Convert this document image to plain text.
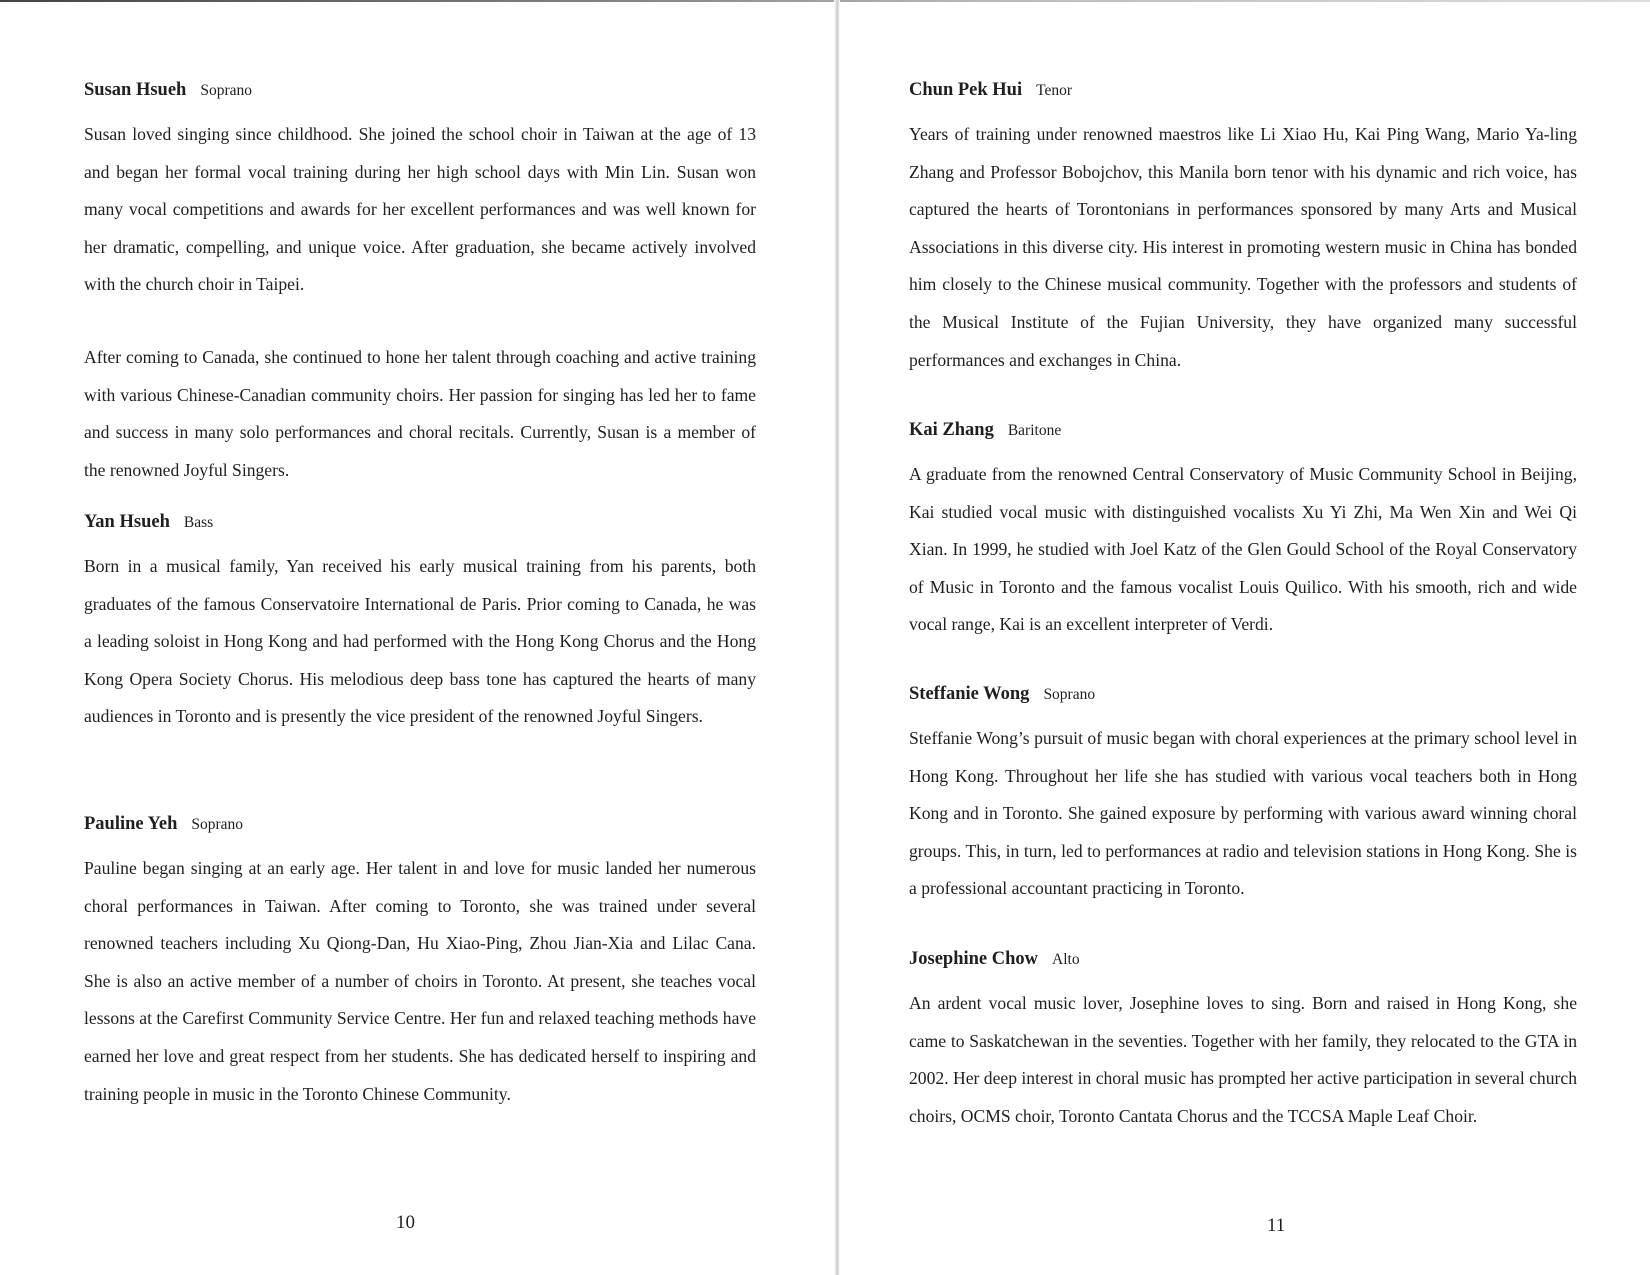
Susan Hsueh Soprano

Susan loved singing since childhood. She joined the school choir in Taiwan at the age of 13 and began her formal vocal training during her high school days with Min Lin. Susan won many vocal competitions and awards for her excellent performances and was well known for her dramatic, compelling, and unique voice. After graduation, she became actively involved with the church choir in Taipei.

After coming to Canada, she continued to hone her talent through coaching and active training with various Chinese-Canadian community choirs. Her passion for singing has led her to fame and success in many solo performances and choral recitals. Currently, Susan is a member of the renowned Joyful Singers.

Yan Hsueh Bass

Born in a musical family, Yan received his early musical training from his parents, both graduates of the famous Conservatoire International de Paris. Prior coming to Canada, he was a leading soloist in Hong Kong and had performed with the Hong Kong Chorus and the Hong Kong Opera Society Chorus. His melodious deep bass tone has captured the hearts of many audiences in Toronto and is presently the vice president of the renowned Joyful Singers.

Pauline Yeh Soprano

Pauline began singing at an early age. Her talent in and love for music landed her numerous choral performances in Taiwan. After coming to Toronto, she was trained under several renowned teachers including Xu Qiong-Dan, Hu Xiao-Ping, Zhou Jian-Xia and Lilac Cana. She is also an active member of a number of choirs in Toronto. At present, she teaches vocal lessons at the Carefirst Community Service Centre. Her fun and relaxed teaching methods have earned her love and great respect from her students. She has dedicated herself to inspiring and training people in music in the Toronto Chinese Community.

10
Chun Pek Hui Tenor

Years of training under renowned maestros like Li Xiao Hu, Kai Ping Wang, Mario Ya-ling Zhang and Professor Bobojchov, this Manila born tenor with his dynamic and rich voice, has captured the hearts of Torontonians in performances sponsored by many Arts and Musical Associations in this diverse city. His interest in promoting western music in China has bonded him closely to the Chinese musical community. Together with the professors and students of the Musical Institute of the Fujian University, they have organized many successful performances and exchanges in China.

Kai Zhang Baritone

A graduate from the renowned Central Conservatory of Music Community School in Beijing, Kai studied vocal music with distinguished vocalists Xu Yi Zhi, Ma Wen Xin and Wei Qi Xian. In 1999, he studied with Joel Katz of the Glen Gould School of the Royal Conservatory of Music in Toronto and the famous vocalist Louis Quilico. With his smooth, rich and wide vocal range, Kai is an excellent interpreter of Verdi.

Steffanie Wong Soprano

Steffanie Wong’s pursuit of music began with choral experiences at the primary school level in Hong Kong. Throughout her life she has studied with various vocal teachers both in Hong Kong and in Toronto. She gained exposure by performing with various award winning choral groups. This, in turn, led to performances at radio and television stations in Hong Kong. She is a professional accountant practicing in Toronto.

Josephine Chow Alto

An ardent vocal music lover, Josephine loves to sing. Born and raised in Hong Kong, she came to Saskatchewan in the seventies. Together with her family, they relocated to the GTA in 2002. Her deep interest in choral music has prompted her active participation in several church choirs, OCMS choir, Toronto Cantata Chorus and the TCCSA Maple Leaf Choir.

11
